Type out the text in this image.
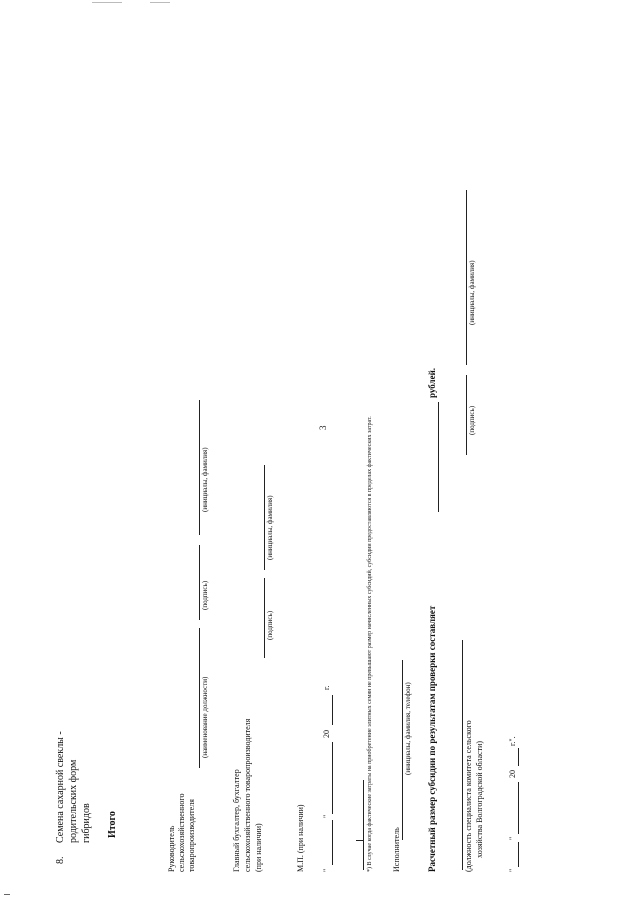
3
8.
Семена сахарной свеклы - родительских форм гибридов Итого
Руководитель сельскохозяйственного товаропроизводителя
(наименование должности)
(подпись)
(инициалы, фамилия)
Главный бухгалтер, бухгалтер сельскохозяйственного товаропроизводителя (при наличии)
(подпись)
(инициалы, фамилия)
М.П. (при наличии) "
"
20
г.	*) В случае когда фактические затраты на приобретение элитных семян не превышают размер начисленных субсидий, субсидии предоставляются в пределах фактических затрат. Исполнитель
(инициалы, фамилия, телефон) Расчетный размер субсидии по результатам проверки составляет
рублей.
(должность специалиста комитета сельского хозяйства Волгоградской области)
(подпись)
(инициалы, фамилия)
"
"
20
г.".
